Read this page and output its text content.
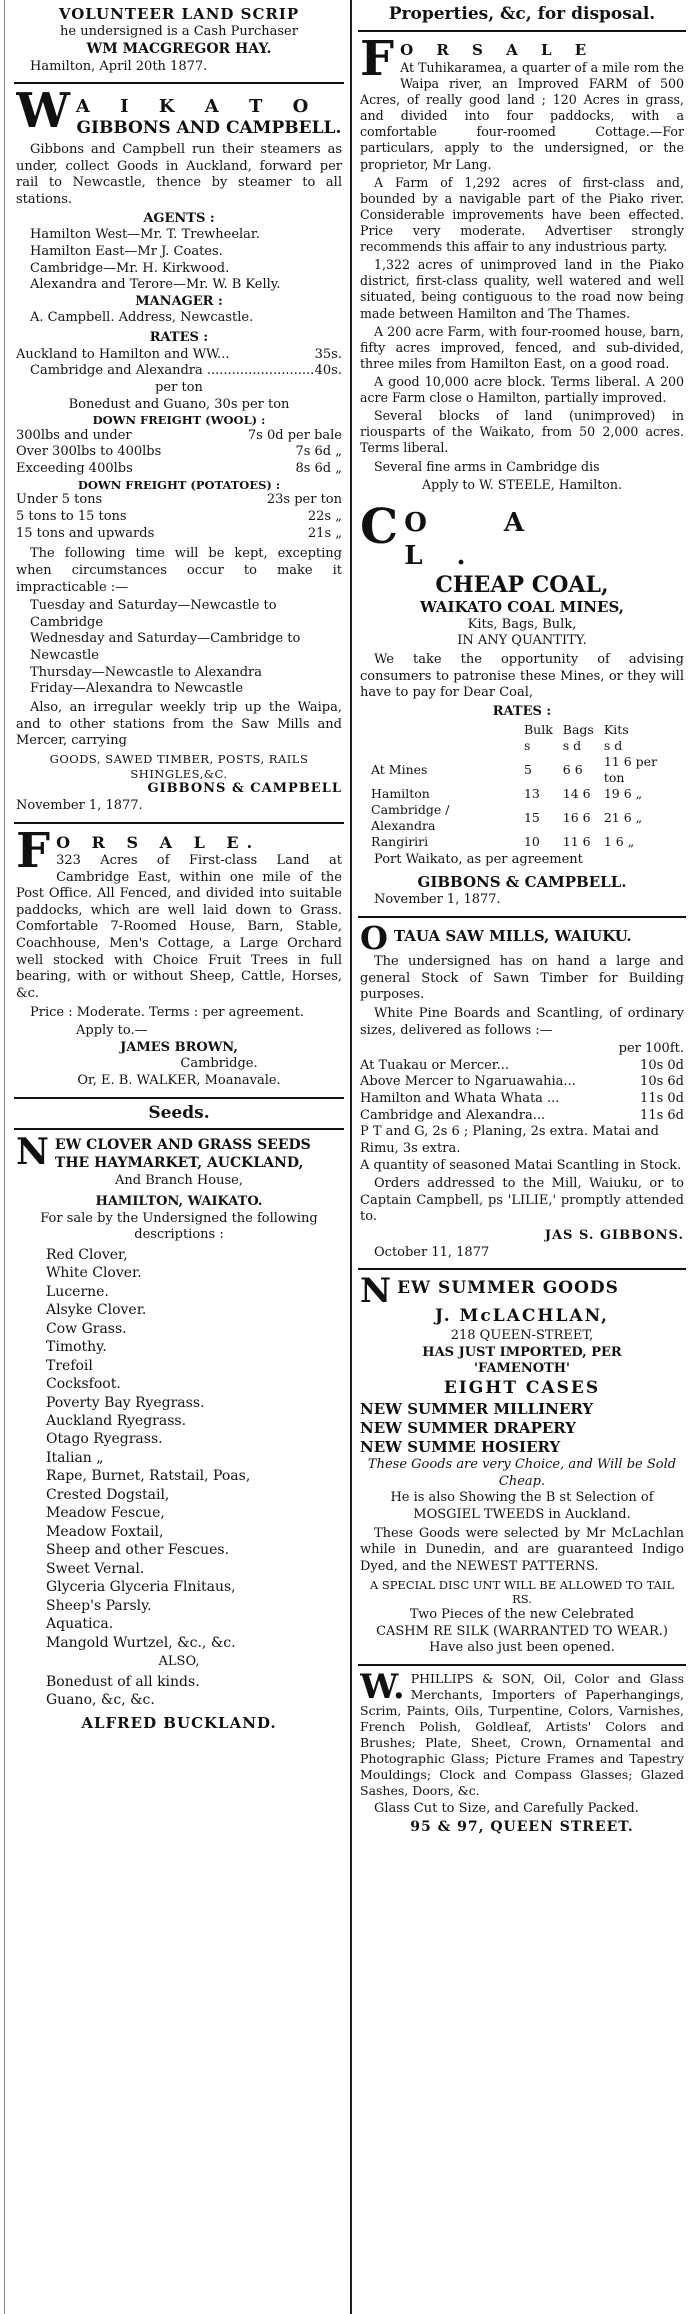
VOLUNTEER LAND SCRIP
he undersigned is a Cash Purchaser
WM MACGREGOR HAY.
Hamilton, April 20th 1877.
W A I K A T O
GIBBONS AND CAMPBELL.
Gibbons and Campbell run their steamers as under, collect Goods in Auckland, forward per rail to Newcastle, thence by steamer to all stations.
AGENTS :
Hamilton West—Mr. T. Trewheelar.
Hamilton East—Mr J. Coates.
Cambridge—Mr. H. Kirkwood.
Alexandra and Terore—Mr. W. B Kelly.
MANAGER :
A. Campbell. Address, Newcastle.
RATES :
Auckland to Hamilton and WW...	35s.
Cambridge and Alexandra .......................... 40s.
per ton
Bonedust and Guano, 30s per ton
DOWN FREIGHT (WOOL) :
300lbs and under	7s 0d per bale
Over 300lbs to 400lbs	7s 6d „
Exceeding 400lbs	8s 6d „
DOWN FREIGHT (POTATOES) :
Under 5 tons	23s per ton
5 tons to 15 tons	22s „
15 tons and upwards	21s „
The following time will be kept, excepting when circumstances occur to make it impracticable :—
Tuesday and Saturday—Newcastle to Cambridge
Wednesday and Saturday—Cambridge to Newcastle
Thursday—Newcastle to Alexandra
Friday—Alexandra to Newcastle
Also, an irregular weekly trip up the Waipa, and to other stations from the Saw Mills and Mercer, carrying
GOODS, SAWED TIMBER, POSTS, RAILS SHINGLES,&C.
GIBBONS & CAMPBELL
November 1, 1877.
F O R S A L E.
323 Acres of First-class Land at Cambridge East, within one mile of the Post Office. All Fenced, and divided into suitable paddocks, which are well laid down to Grass. Comfortable 7-Roomed House, Barn, Stable, Coachhouse, Men's Cottage, a Large Orchard well stocked with Choice Fruit Trees in full bearing, with or without Sheep, Cattle, Horses, &c.
Price : Moderate. Terms : per agreement.
Apply to.—
JAMES BROWN,
Cambridge.
Or, E. B. WALKER, Moanavale.
Seeds.
N EW CLOVER AND GRASS SEEDS
THE HAYMARKET, AUCKLAND,
And Branch House,
HAMILTON, WAIKATO.
For sale by the Undersigned the following descriptions :
Red Clover,
White Clover.
Lucerne.
Alsyke Clover.
Cow Grass.
Timothy.
Trefoil
Cocksfoot.
Poverty Bay Ryegrass.
Auckland Ryegrass.
Otago Ryegrass.
Italian „
Rape, Burnet, Ratstail, Poas,
Crested Dogstail,
Meadow Fescue,
Meadow Foxtail,
Sheep and other Fescues.
Sweet Vernal.
Glyceria Glyceria Flnitaus,
Sheep's Parsly.
Aquatica.
Mangold Wurtzel, &c., &c.
ALSO,
Bonedust of all kinds.
Guano, &c, &c.
ALFRED BUCKLAND.
Properties, &c, for disposal.
F O R S A L E
At Tuhikaramea, a quarter of a mile rom the Waipa river, an Improved FARM of 500 Acres, of really good land ; 120 Acres in grass, and divided into four paddocks, with a comfortable four-roomed Cottage.—For particulars, apply to the undersigned, or the proprietor, Mr Lang.
A Farm of 1,292 acres of first-class and, bounded by a navigable part of the Piako river. Considerable improvements have been effected. Price very moderate. Advertiser strongly recommends this affair to any industrious party.
1,322 acres of unimproved land in the Piako district, first-class quality, well watered and well situated, being contiguous to the road now being made between Hamilton and The Thames.
A 200 acre Farm, with four-roomed house, barn, fifty acres improved, fenced, and sub-divided, three miles from Hamilton East, on a good road.
A good 10,000 acre block. Terms liberal. A 200 acre Farm close o Hamilton, partially improved.
Several blocks of land (unimproved) in riousparts of the Waikato, from 50 2,000 acres. Terms liberal.
Several fine arms in Cambridge dis
Apply to W. STEELE, Hamilton.
C O A L.
CHEAP COAL,
WAIKATO COAL MINES,
Kits, Bags, Bulk,
IN ANY QUANTITY.
We take the opportunity of advising consumers to patronise these Mines, or they will have to pay for Dear Coal,
RATES :
	Bulk	Bags	Kits
	s	s d	s d
At Mines	5	6 6	11 6 per ton
Hamilton	13	14 6	19 6 „
Cambridge / Alexandra	15	16 6	21 6 „
Rangiriri	10	11 6	1 6 „
Port Waikato, as per agreement
GIBBONS & CAMPBELL.
November 1, 1877.
O TAUA SAW MILLS, WAIUKU.
The undersigned has on hand a large and general Stock of Sawn Timber for Building purposes.
White Pine Boards and Scantling, of ordinary sizes, delivered as follows :—
per 100ft.
At Tuakau or Mercer...	10s 0d
Above Mercer to Ngaruawahia...	10s 6d
Hamilton and Whata Whata ...	11s 0d
Cambridge and Alexandra...	11s 6d
P T and G, 2s 6 ; Planing, 2s extra. Matai and Rimu, 3s extra.
A quantity of seasoned Matai Scantling in Stock.
Orders addressed to the Mill, Waiuku, or to Captain Campbell, ps 'LILIE,' promptly attended to.
JAS S. GIBBONS.
October 11, 1877
N EW SUMMER GOODS
J. McLACHLAN,
218 QUEEN-STREET,
HAS JUST IMPORTED, PER
'FAMENOTH'
EIGHT CASES
NEW SUMMER MILLINERY
NEW SUMMER DRAPERY
NEW SUMME HOSIERY
These Goods are very Choice, and Will be Sold Cheap.
He is also Showing the B st Selection of MOSGIEL TWEEDS in Auckland.
These Goods were selected by Mr McLachlan while in Dunedin, and are guaranteed Indigo Dyed, and the NEWEST PATTERNS.
A SPECIAL DISC UNT WILL BE ALLOWED TO TAIL RS.
Two Pieces of the new Celebrated
CASHM RE SILK (WARRANTED TO WEAR.)
Have also just been opened.
W. PHILLIPS & SON, Oil, Color and Glass Merchants, Importers of Paperhangings, Scrim, Paints, Oils, Turpentine, Colors, Varnishes, French Polish, Goldleaf, Artists' Colors and Brushes; Plate, Sheet, Crown, Ornamental and Photographic Glass; Picture Frames and Tapestry Mouldings; Clock and Compass Glasses; Glazed Sashes, Doors, &c.
Glass Cut to Size, and Carefully Packed.
95 & 97, QUEEN STREET.
